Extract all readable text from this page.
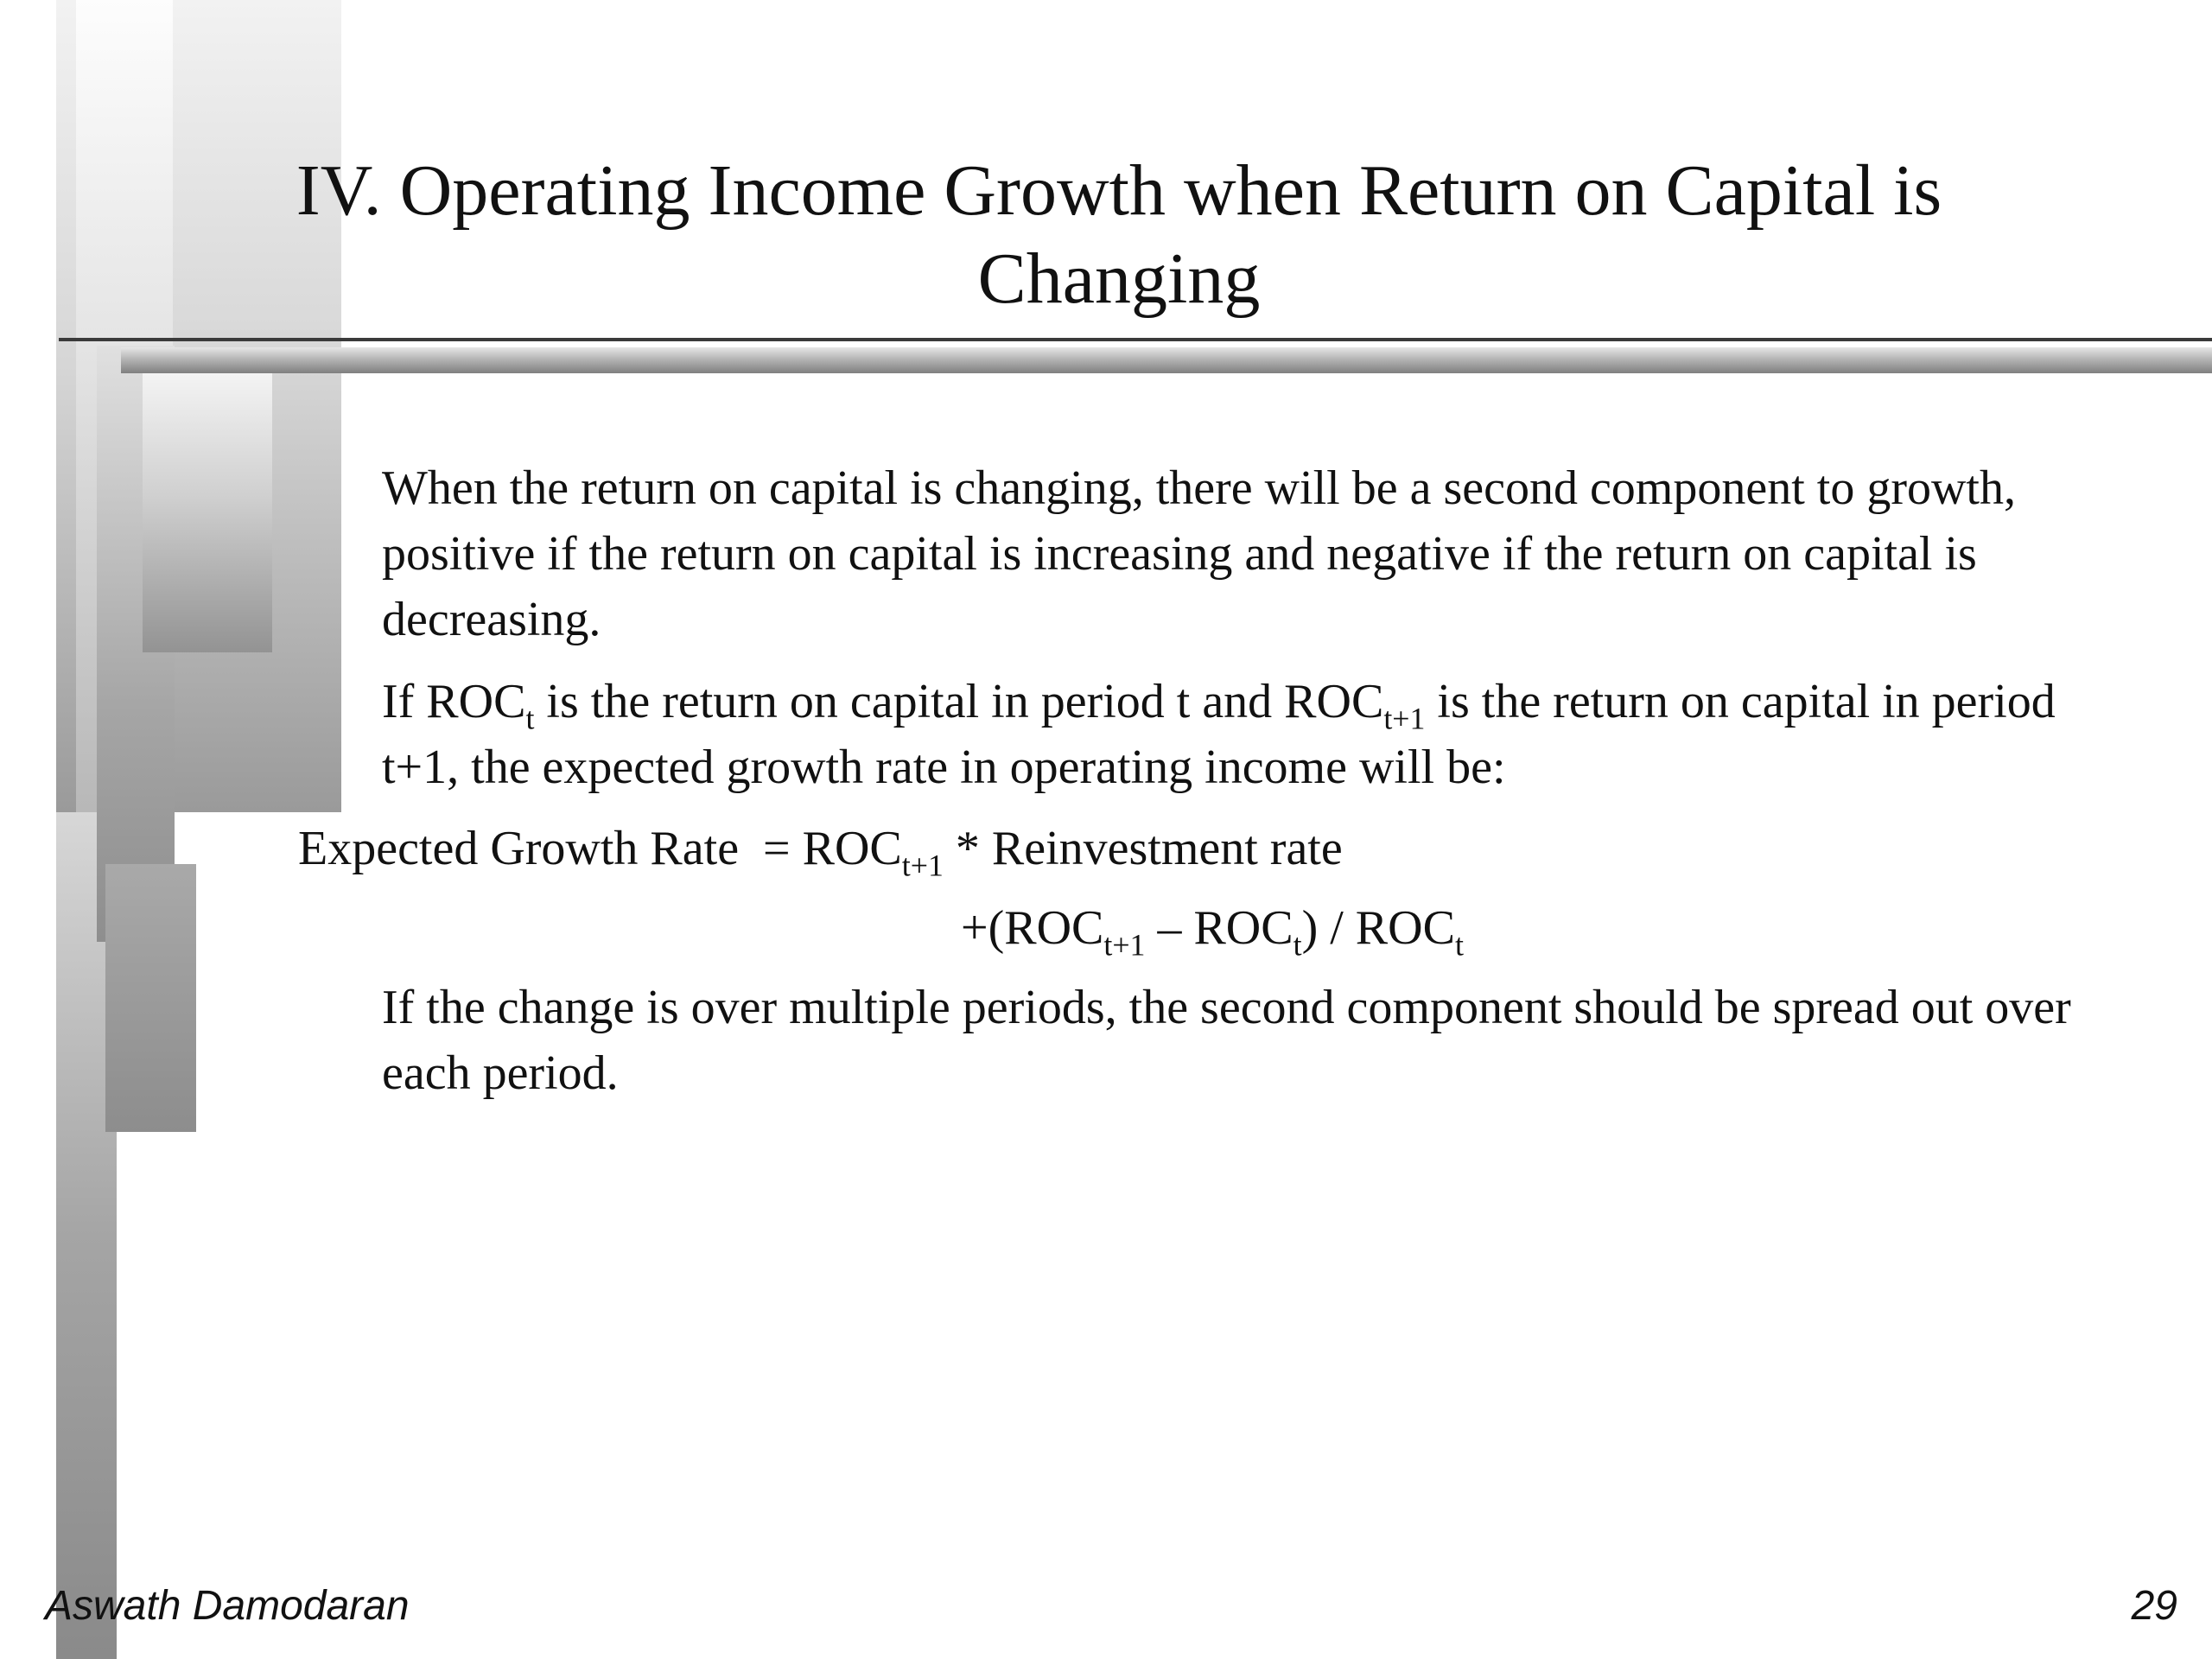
IV. Operating Income Growth when Return on Capital is Changing

When the return on capital is changing, there will be a second component to growth, positive if the return on capital is increasing and negative if the return on capital is decreasing.

If $ROC_t$ is the return on capital in period t and $ROC_{t+1}$ is the return on capital in period t+1, the expected growth rate in operating income will be:

Expected Growth Rate = $ROC_{t+1}$ * Reinvestment rate
$+(ROC_{t+1} - ROC_t) / ROC_t$

If the change is over multiple periods, the second component should be spread out over each period.

Aswath Damodaran	29
